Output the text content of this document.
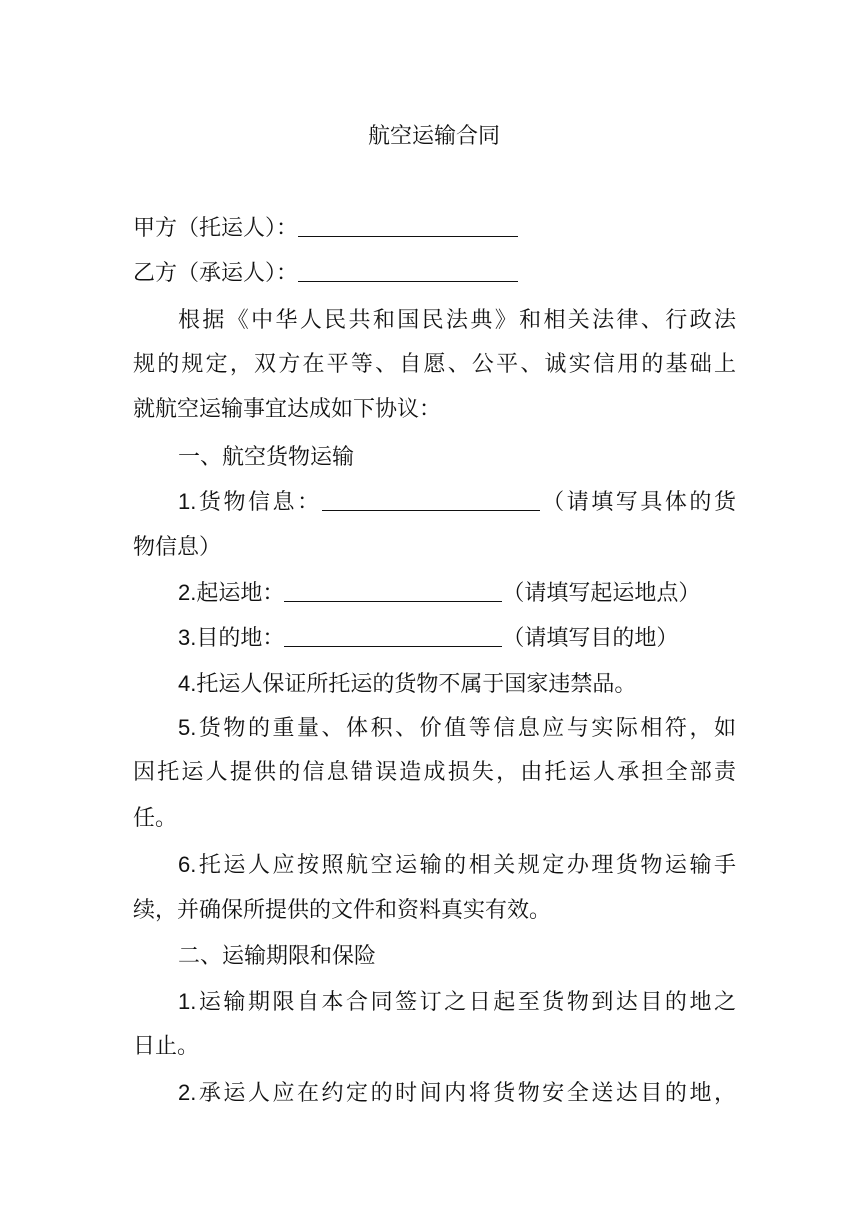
航空运输合同
甲方（托运人）：
乙方（承运人）：
根据《中华人民共和国民法典》和相关法律、行政法
规的规定，双方在平等、自愿、公平、诚实信用的基础上
就航空运输事宜达成如下协议：
一、航空货物运输
1.货物信息：	（请填写具体的货
物信息）
2.起运地：	（请填写起运地点）
3.目的地：	（请填写目的地）
4.托运人保证所托运的货物不属于国家违禁品。
5.货物的重量、体积、价值等信息应与实际相符，如
因托运人提供的信息错误造成损失，由托运人承担全部责
任。
6.托运人应按照航空运输的相关规定办理货物运输手
续，并确保所提供的文件和资料真实有效。
二、运输期限和保险
1.运输期限自本合同签订之日起至货物到达目的地之
日止。
2.承运人应在约定的时间内将货物安全送达目的地，
